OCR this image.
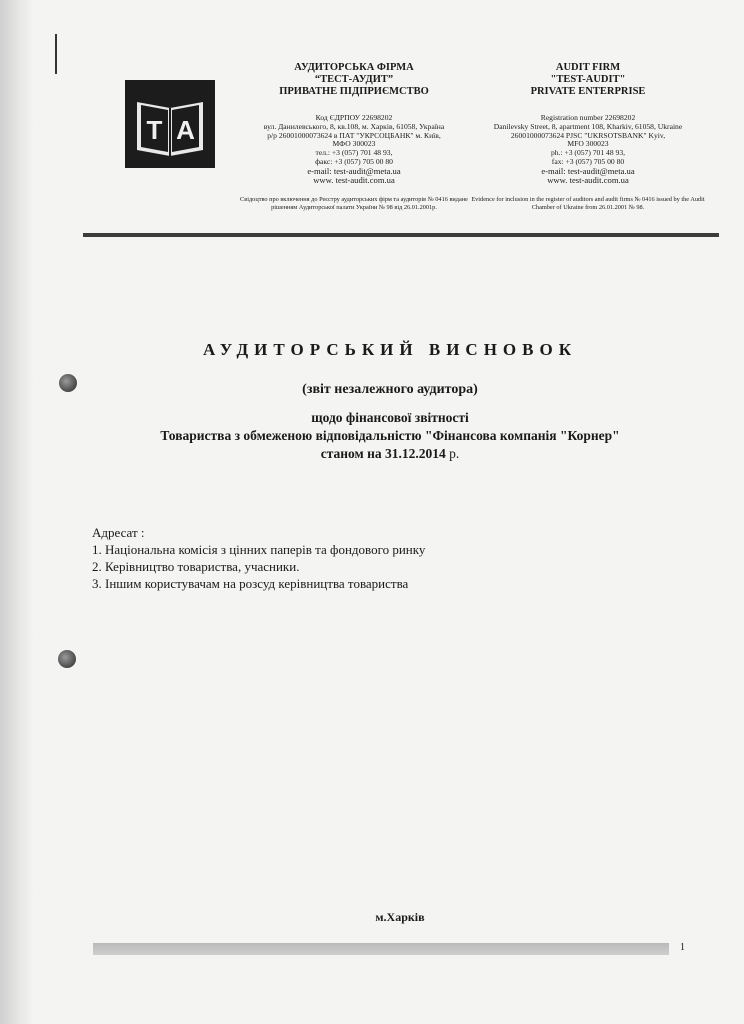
T A
АУДИТОРСЬКА ФІРМА
“ТЕСТ-АУДИТ”
ПРИВАТНЕ ПІДПРИЄМСТВО
Код ЄДРПОУ 22698202
вул. Данилевського, 8, кв.108, м. Харків, 61058, Україна
р/р 26001000073624 в ПАТ "УКРСОЦБАНК" м. Київ,
МФО 300023
тел.: +3 (057) 701 48 93,
факс: +3 (057) 705 00 80
e-mail: test-audit@meta.ua
www. test-audit.com.ua
Свідоцтво про включення до Реєстру аудиторських фірм та аудиторів № 0416 видане рішенням Аудиторської палати України № 98 від 26.01.2001р.
AUDIT FIRM
"TEST-AUDIT"
PRIVATE ENTERPRISE
Registration number 22698202
Danilevsky Street, 8, apartment 108, Kharkiv, 61058, Ukraine
26001000073624 PJSC "UKRSOTSBANK" Kyiv,
MFO 300023
ph.: +3 (057) 701 48 93,
fax: +3 (057) 705 00 80
e-mail: test-audit@meta.ua
www. test-audit.com.ua
Evidence for inclusion in the register of auditors and audit firms № 0416 issued by the Audit Chamber of Ukraine from 26.01.2001 № 98.
АУДИТОРСЬКИЙ ВИСНОВОК
(звіт незалежного аудитора)
щодо фінансової звітності
Товариства з обмеженою відповідальністю "Фінансова компанія "Корнер"
станом на 31.12.2014 р.
Адресат :
1. Національна комісія з цінних паперів та фондового ринку
2. Керівництво товариства, учасники.
3. Іншим користувачам на розсуд керівництва товариства
м.Харків
1
